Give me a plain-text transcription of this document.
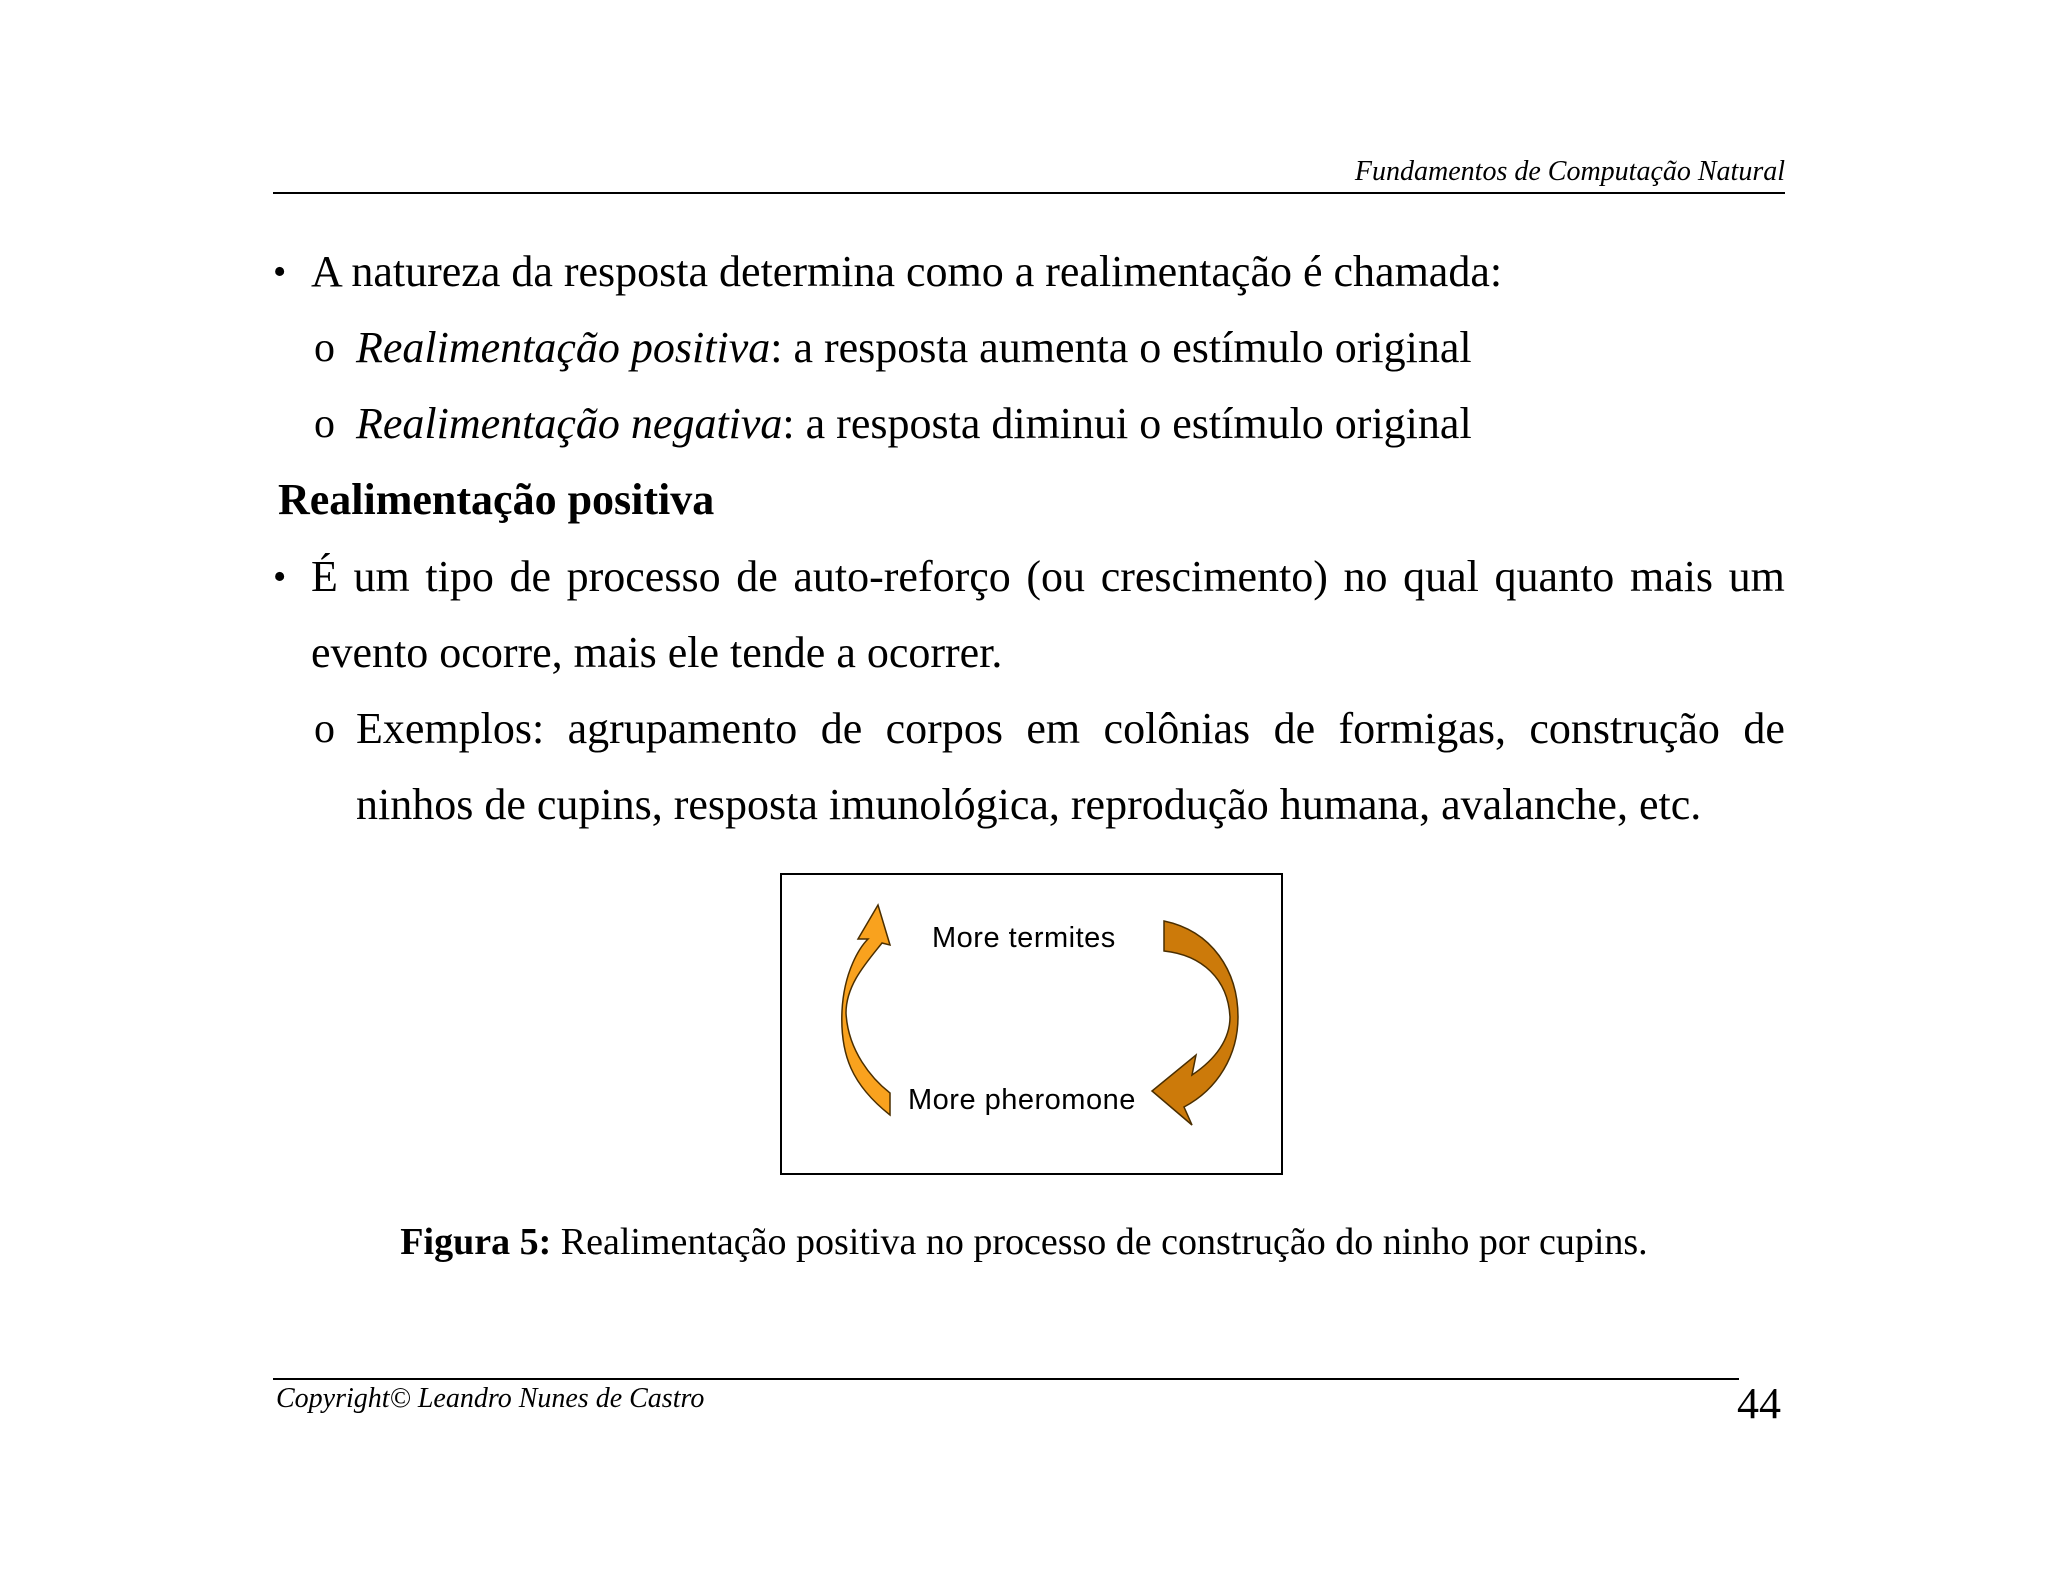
Fundamentos de Computação Natural
• A natureza da resposta determina como a realimentação é chamada:
o Realimentação positiva: a resposta aumenta o estímulo original
o Realimentação negativa: a resposta diminui o estímulo original
Realimentação positiva
• É um tipo de processo de auto-reforço (ou crescimento) no qual quanto mais um
evento ocorre, mais ele tende a ocorrer.
o Exemplos: agrupamento de corpos em colônias de formigas, construção de
ninhos de cupins, resposta imunológica, reprodução humana, avalanche, etc.
More termites
More pheromone
Figura 5: Realimentação positiva no processo de construção do ninho por cupins.
Copyright© Leandro Nunes de Castro	44
